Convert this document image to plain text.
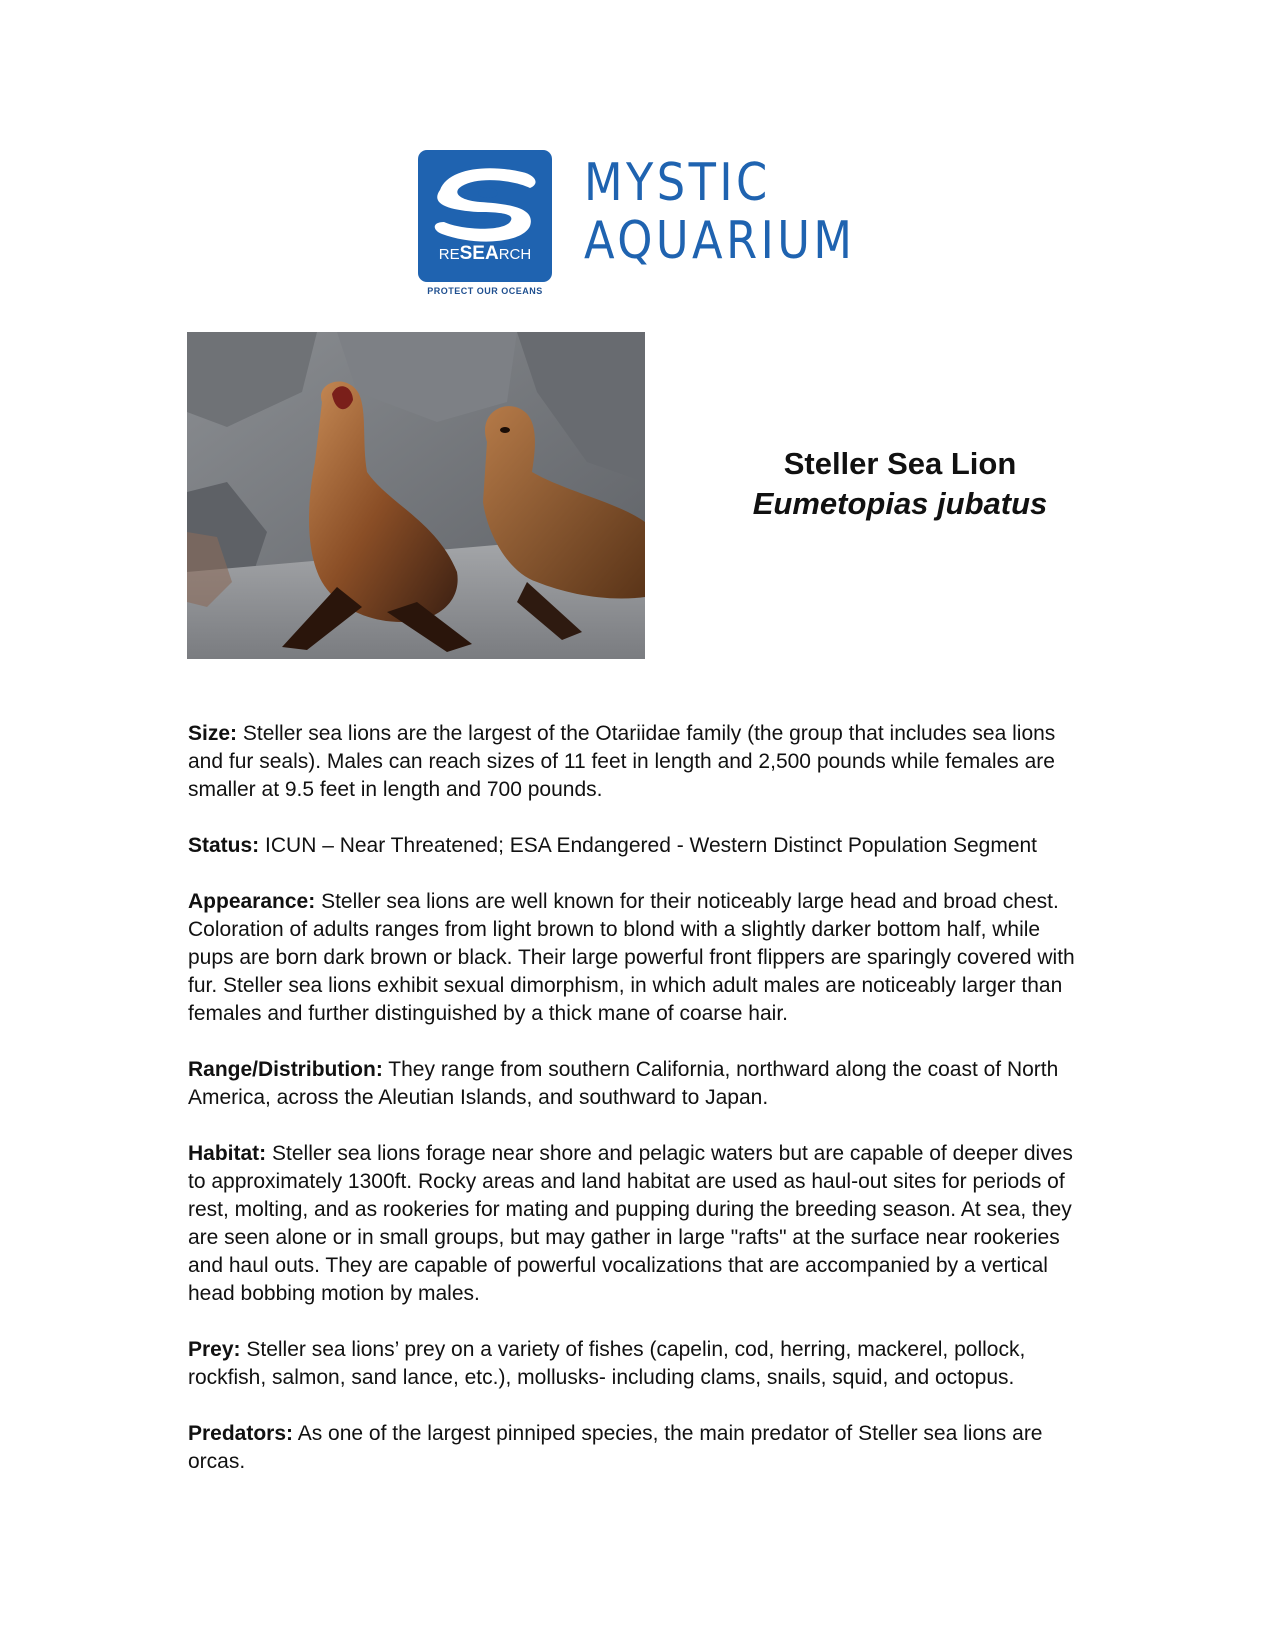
RESEARCH
PROTECT OUR OCEANS
MYSTIC
AQUARIUM
Steller Sea Lion
Eumetopias jubatus

Size: Steller sea lions are the largest of the Otariidae family (the group that includes sea lions and fur seals). Males can reach sizes of 11 feet in length and 2,500 pounds while females are smaller at 9.5 feet in length and 700 pounds.

Status: ICUN – Near Threatened; ESA Endangered - Western Distinct Population Segment

Appearance: Steller sea lions are well known for their noticeably large head and broad chest. Coloration of adults ranges from light brown to blond with a slightly darker bottom half, while pups are born dark brown or black. Their large powerful front flippers are sparingly covered with fur. Steller sea lions exhibit sexual dimorphism, in which adult males are noticeably larger than females and further distinguished by a thick mane of coarse hair.

Range/Distribution: They range from southern California, northward along the coast of North America, across the Aleutian Islands, and southward to Japan.

Habitat: Steller sea lions forage near shore and pelagic waters but are capable of deeper dives to approximately 1300ft. Rocky areas and land habitat are used as haul-out sites for periods of rest, molting, and as rookeries for mating and pupping during the breeding season. At sea, they are seen alone or in small groups, but may gather in large "rafts" at the surface near rookeries and haul outs. They are capable of powerful vocalizations that are accompanied by a vertical head bobbing motion by males.

Prey: Steller sea lions’ prey on a variety of fishes (capelin, cod, herring, mackerel, pollock, rockfish, salmon, sand lance, etc.), mollusks- including clams, snails, squid, and octopus.

Predators: As one of the largest pinniped species, the main predator of Steller sea lions are orcas.
